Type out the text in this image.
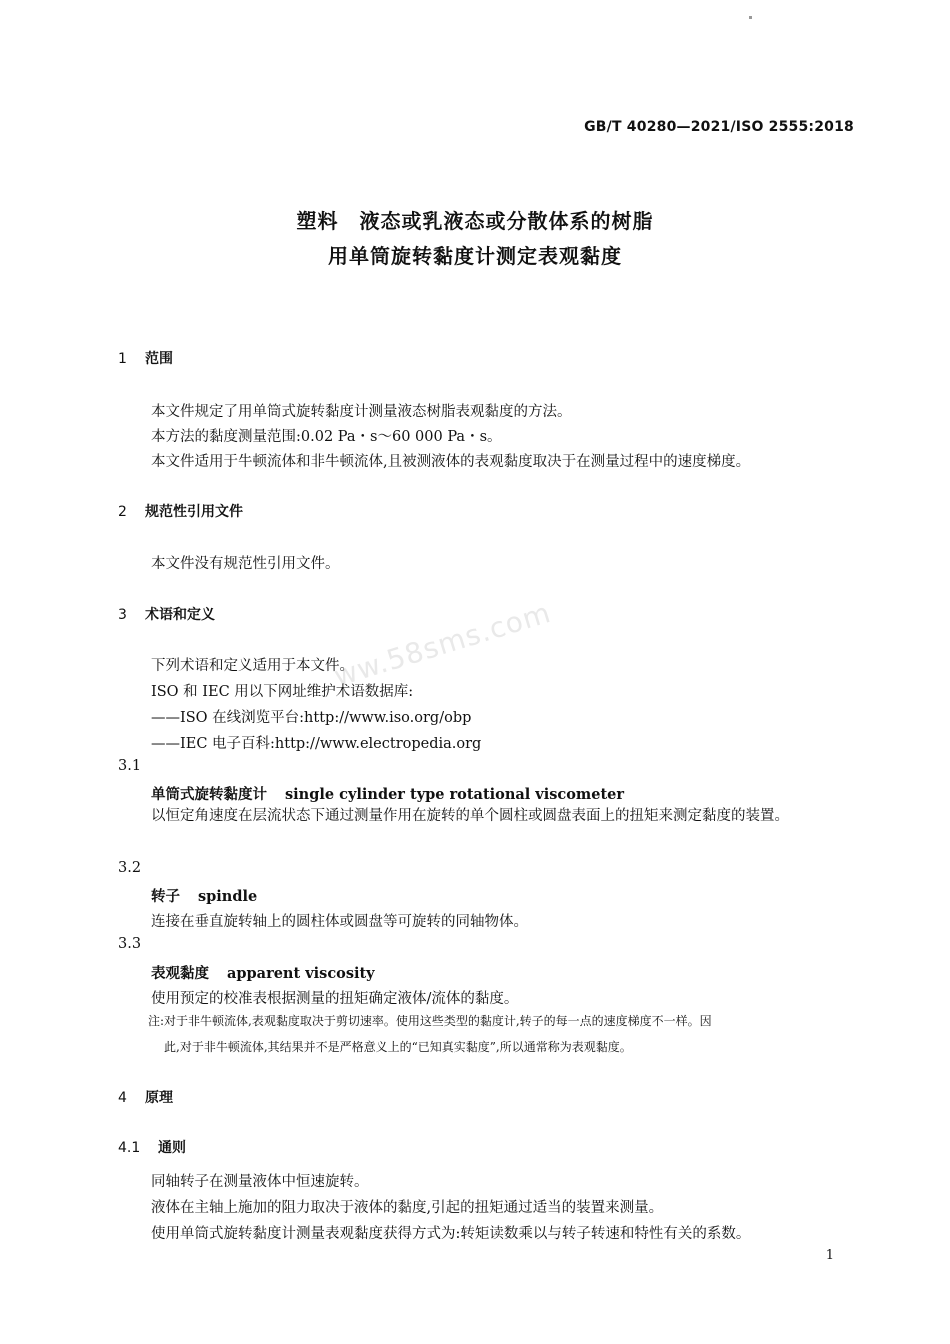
GB/T 40280—2021/ISO 2555:2018
塑料　液态或乳液态或分散体系的树脂
用单筒旋转黏度计测定表观黏度
ww.58sms.com
1 范围
本文件规定了用单筒式旋转黏度计测量液态树脂表观黏度的方法。
本方法的黏度测量范围:0.02 Pa・s～60 000 Pa・s。
本文件适用于牛顿流体和非牛顿流体,且被测液体的表观黏度取决于在测量过程中的速度梯度。
2 规范性引用文件
本文件没有规范性引用文件。
3 术语和定义
下列术语和定义适用于本文件。
ISO 和 IEC 用以下网址维护术语数据库:
——ISO 在线浏览平台:http://www.iso.org/obp
——IEC 电子百科:http://www.electropedia.org
3.1
单筒式旋转黏度计 single cylinder type rotational viscometer
以恒定角速度在层流状态下通过测量作用在旋转的单个圆柱或圆盘表面上的扭矩来测定黏度的装置。
3.2
转子 spindle
连接在垂直旋转轴上的圆柱体或圆盘等可旋转的同轴物体。
3.3
表观黏度 apparent viscosity
使用预定的校准表根据测量的扭矩确定液体/流体的黏度。
注:对于非牛顿流体,表观黏度取决于剪切速率。使用这些类型的黏度计,转子的每一点的速度梯度不一样。因
此,对于非牛顿流体,其结果并不是严格意义上的“已知真实黏度”,所以通常称为表观黏度。
4 原理
4.1 通则
同轴转子在测量液体中恒速旋转。
液体在主轴上施加的阻力取决于液体的黏度,引起的扭矩通过适当的装置来测量。
使用单筒式旋转黏度计测量表观黏度获得方式为:转矩读数乘以与转子转速和特性有关的系数。
1
